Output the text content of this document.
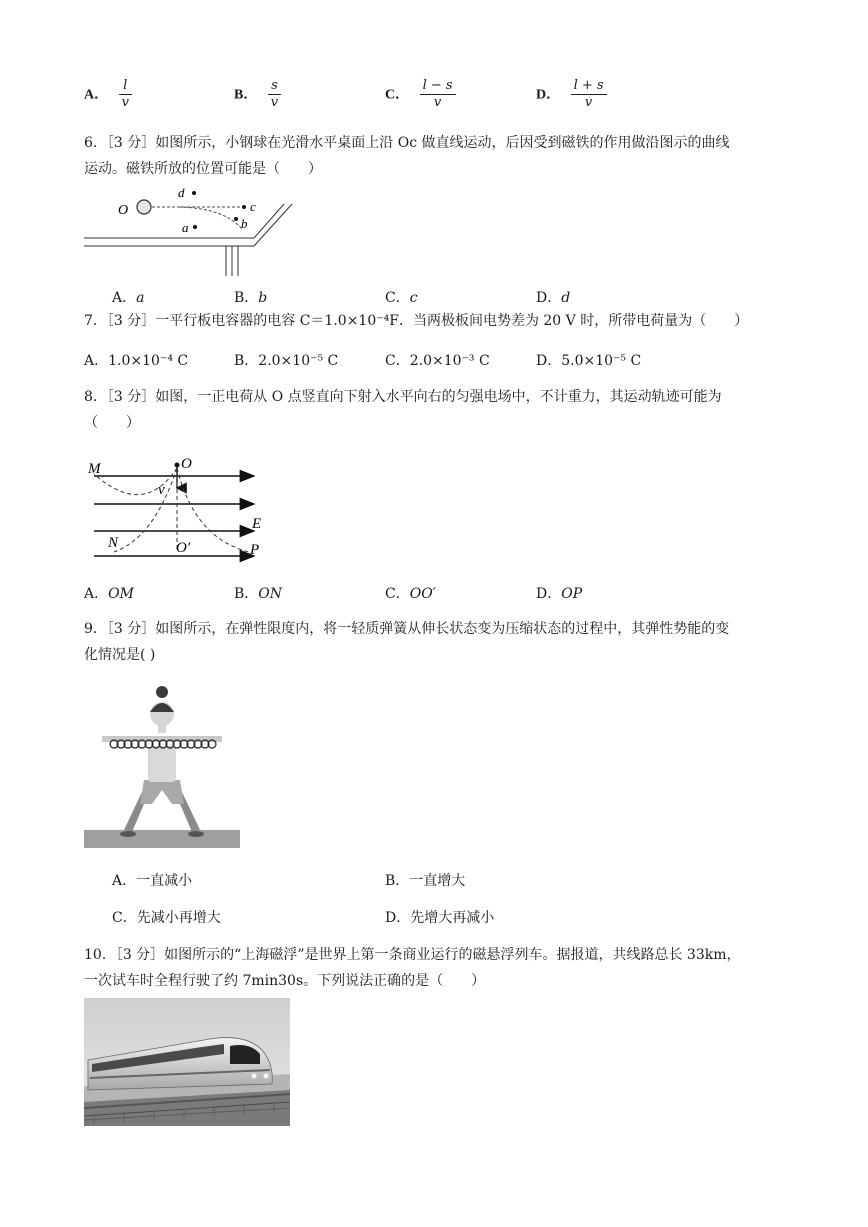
A． $\frac{l}{v}$	B． $\frac{s}{v}$	C． $\frac{l - s}{v}$	D． $\frac{l + s}{v}$
6．［3 分］如图所示，小钢球在光滑水平桌面上沿 Oc 做直线运动，后因受到磁铁的作用做沿图示的曲线
运动。磁铁所放的位置可能是（　　）
O
d
c
b
a
A．a	B．b	C．c	D．d
7．［3 分］一平行板电容器的电容 C＝1.0×10⁻⁴F．当两极板间电势差为 20 V 时，所带电荷量为（　　）
A．1.0×10⁻⁴ C	B．2.0×10⁻⁵ C	C．2.0×10⁻³ C	D．5.0×10⁻⁵ C
8．［3 分］如图，一正电荷从 O 点竖直向下射入水平向右的匀强电场中，不计重力，其运动轨迹可能为
（　　）
M	O
v
E
N	O′	P
A．OM	B．ON	C．OO′	D．OP
9．［3 分］如图所示，在弹性限度内，将一轻质弹簧从伸长状态变为压缩状态的过程中，其弹性势能的变
化情况是( )
A．一直减小	B．一直增大
C．先减小再增大	D．先增大再减小
10．［3 分］如图所示的“上海磁浮”是世界上第一条商业运行的磁悬浮列车。据报道，共线路总长 33km，
一次试车时全程行驶了约 7min30s。下列说法正确的是（　　）
